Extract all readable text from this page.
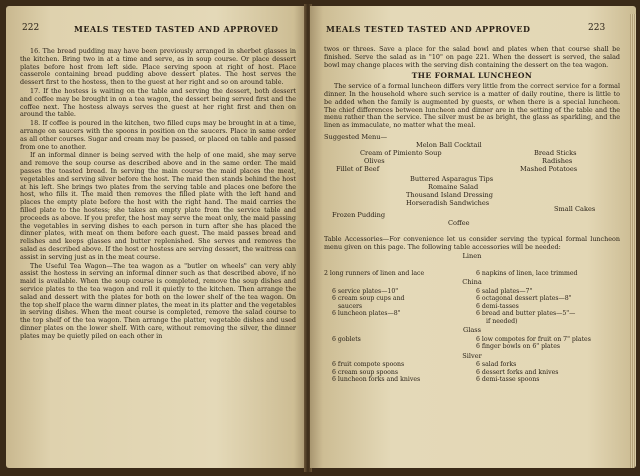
222	MEALS TESTED TASTED AND APPROVED

16. The bread pudding may have been previously arranged in sherbet glasses in the kitchen. Bring two in at a time and serve, as in soup course. Or place dessert plates before host from left side. Place serving spoon at right of host. Place casserole containing bread pudding above dessert plates. The host serves the dessert first to the hostess, then to the guest at her right and so on around table.

17. If the hostess is waiting on the table and serving the dessert, both dessert and coffee may be brought in on a tea wagon, the dessert being served first and the coffee next. The hostess always serves the guest at her right first and then on around the table.

18. If coffee is poured in the kitchen, two filled cups may be brought in at a time, arrange on saucers with the spoons in position on the saucers. Place in same order as all other courses. Sugar and cream may be passed, or placed on table and passed from one to another.

If an informal dinner is being served with the help of one maid, she may serve and remove the soup course as described above and in the same order. The maid passes the toasted bread. In serving the main course the maid places the meat, vegetables and serving silver before the host. The maid then stands behind the host at his left. She brings two plates from the serving table and places one before the host, who fills it. The maid then removes the filled plate with the left hand and places the empty plate before the host with the right hand. The maid carries the filled plate to the hostess; she takes an empty plate from the service table and proceeds as above. If you prefer, the host may serve the meat only, the maid passing the vegetables in serving dishes to each person in turn after she has placed the dinner plates, with meat on them before each guest. The maid passes bread and relishes and keeps glasses and butter replenished. She serves and removes the salad as described above. If the host or hostess are serving dessert, the waitress can assist in serving just as in the meat course.

The Useful Tea Wagon—The tea wagon as a "butler on wheels" can very ably assist the hostess in serving an informal dinner such as that described above, if no maid is available. When the soup course is completed, remove the soup dishes and service plates to the tea wagon and roll it quietly to the kitchen. Then arrange the salad and dessert with the plates for both on the lower shelf of the tea wagon. On the top shelf place the warm dinner plates, the meat in its platter and the vegetables in serving dishes. When the meat course is completed, remove the salad course to the top shelf of the tea wagon. Then arrange the platter, vegetable dishes and used dinner plates on the lower shelf. With care, without removing the silver, the dinner plates may be quietly piled on each other in

MEALS TESTED TASTED AND APPROVED	223

twos or threes. Save a place for the salad bowl and plates when that course shall be finished. Serve the salad as in "10" on page 221. When the dessert is served, the salad bowl may change places with the serving dish containing the dessert on the tea wagon.

THE FORMAL LUNCHEON

The service of a formal luncheon differs very little from the correct service for a formal dinner. In the household where such service is a matter of daily routine, there is little to be added when the family is augmented by guests, or when there is a special luncheon. The chief differences between luncheon and dinner are in the setting of the table and the menu rather than the service. The silver must be as bright, the glass as sparkling, and the linen as immaculate, no matter what the meal.

Suggested Menu—
Melon Ball Cocktail
Cream of Pimiento Soup	Bread Sticks
Olives	Radishes
Fillet of Beef	Mashed Potatoes
Buttered Asparagus Tips
Romaine Salad
Thousand Island Dressing
Horseradish Sandwiches
Small Cakes
Frozen Pudding
Coffee

Table Accessories—For convenience let us consider serving the typical formal luncheon menu given on this page. The following table accessories will be needed:

Linen
2 long runners of linen and lace	6 napkins of linen, lace trimmed
China
6 service plates—10"	6 salad plates—7"
6 cream soup cups and	6 octagonal dessert plates—8"
saucers	6 demi-tasses
6 luncheon plates—8"	6 bread and butter plates—5"—
if needed)
Glass
6 goblets	6 low compotes for fruit on 7" plates
6 finger bowls on 6" plates
Silver
6 fruit compote spoons	6 salad forks
6 cream soup spoons	6 dessert forks and knives
6 luncheon forks and knives	6 demi-tasse spoons
